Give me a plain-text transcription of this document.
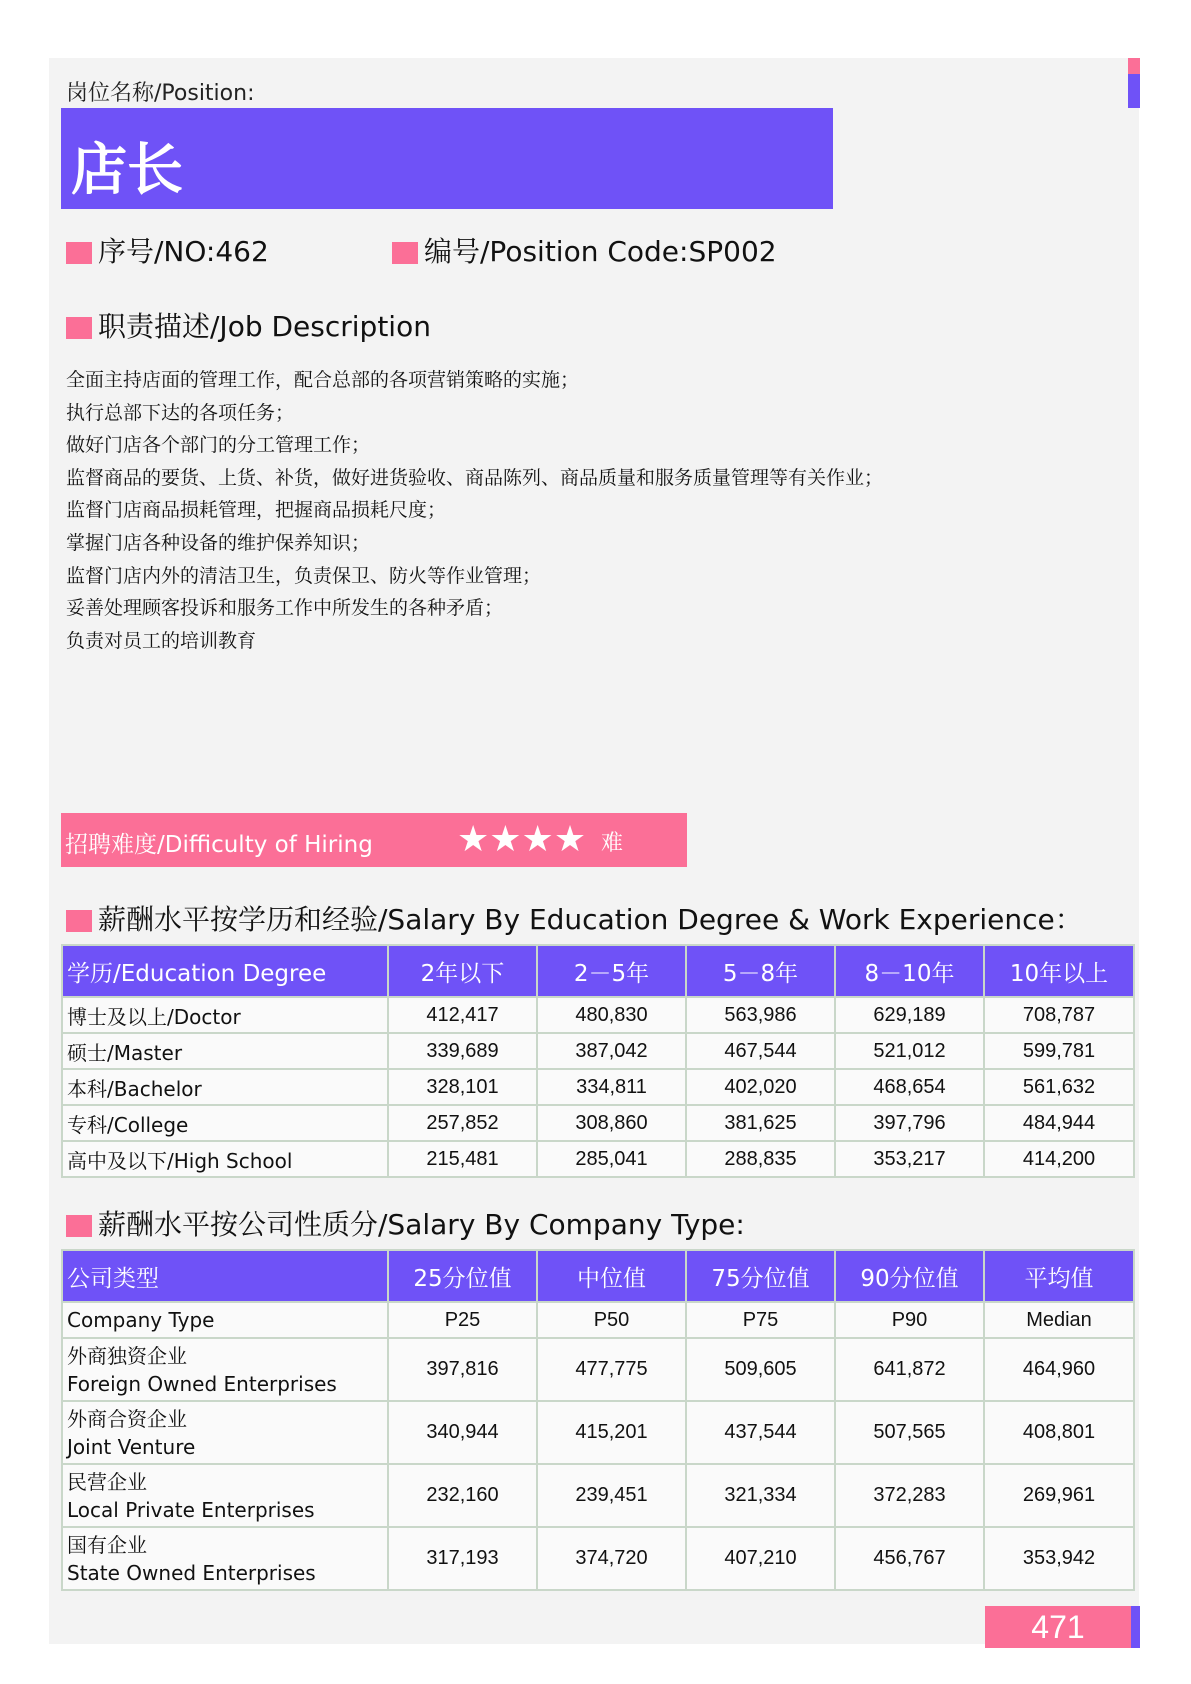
岗位名称/Position:
店长
序号/NO:462	编号/Position Code:SP002
职责描述/Job Description
全面主持店面的管理工作，配合总部的各项营销策略的实施；
执行总部下达的各项任务；
做好门店各个部门的分工管理工作；
监督商品的要货、上货、补货，做好进货验收、商品陈列、商品质量和服务质量管理等有关作业；
监督门店商品损耗管理，把握商品损耗尺度；
掌握门店各种设备的维护保养知识；
监督门店内外的清洁卫生，负责保卫、防火等作业管理；
妥善处理顾客投诉和服务工作中所发生的各种矛盾；
负责对员工的培训教育
招聘难度/Difficulty of Hiring ★★★★ 难
薪酬水平按学历和经验/Salary By Education Degree & Work Experience：
学历/Education Degree	2年以下	2－5年	5－8年	8－10年	10年以上
博士及以上/Doctor	412,417	480,830	563,986	629,189	708,787
硕士/Master	339,689	387,042	467,544	521,012	599,781
本科/Bachelor	328,101	334,811	402,020	468,654	561,632
专科/College	257,852	308,860	381,625	397,796	484,944
高中及以下/High School	215,481	285,041	288,835	353,217	414,200
薪酬水平按公司性质分/Salary By Company Type:
公司类型	25分位值	中位值	75分位值	90分位值	平均值
Company Type	P25	P50	P75	P90	Median

外商独资企业
Foreign Owned Enterprises	397,816	477,775	509,605	641,872	464,960

外商合资企业
Joint Venture	340,944	415,201	437,544	507,565	408,801

民营企业
Local Private Enterprises	232,160	239,451	321,334	372,283	269,961

国有企业
State Owned Enterprises	317,193	374,720	407,210	456,767	353,942
471
